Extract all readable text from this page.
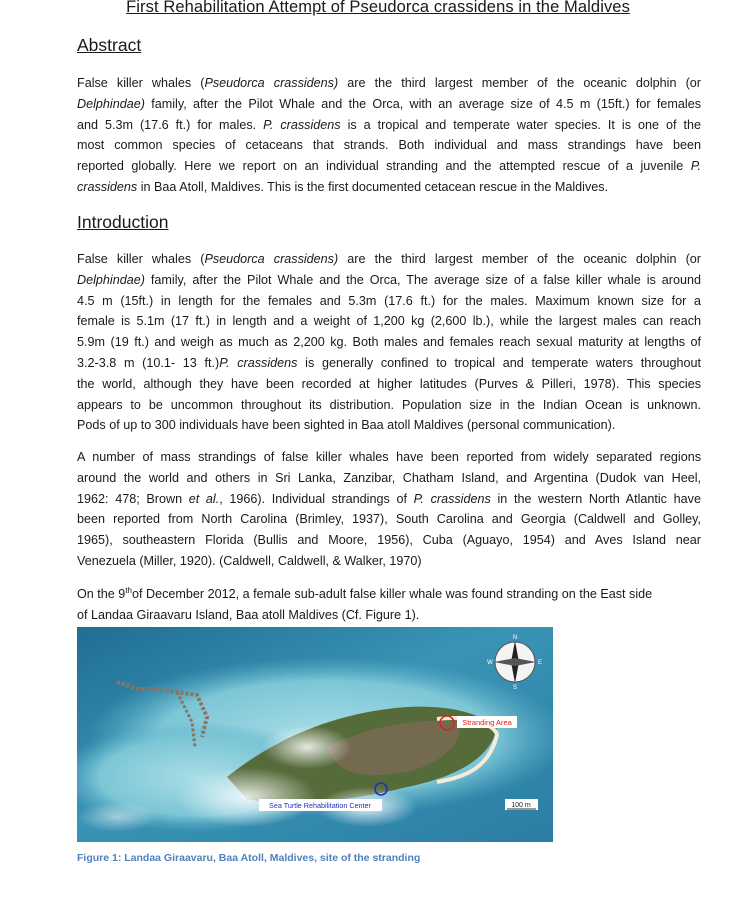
First Rehabilitation Attempt of Pseudorca crassidens in the Maldives
Abstract
False killer whales (Pseudorca crassidens) are the third largest member of the oceanic dolphin (or
Delphindae) family, after the Pilot Whale and the Orca, with an average size of 4.5 m (15ft.) for females
and 5.3m (17.6 ft.) for males. P. crassidens is a tropical and temperate water species. It is one of the
most common species of cetaceans that strands. Both individual and mass strandings have been
reported globally. Here we report on an individual stranding and the attempted rescue of a juvenile P.
crassidens in Baa Atoll, Maldives. This is the first documented cetacean rescue in the Maldives.
Introduction
False killer whales (Pseudorca crassidens) are the third largest member of the oceanic dolphin (or
Delphindae) family, after the Pilot Whale and the Orca, The average size of a false killer whale is around
4.5 m (15ft.) in length for the females and 5.3m (17.6 ft.) for the males. Maximum known size for a
female is 5.1m (17 ft.) in length and a weight of 1,200 kg (2,600 lb.), while the largest males can reach
5.9m (19 ft.) and weigh as much as 2,200 kg. Both males and females reach sexual maturity at lengths of
3.2-3.8 m (10.1- 13 ft.)P. crassidens is generally confined to tropical and temperate waters throughout
the world, although they have been recorded at higher latitudes (Purves & Pilleri, 1978). This species
appears to be uncommon throughout its distribution. Population size in the Indian Ocean is unknown.
Pods of up to 300 individuals have been sighted in Baa atoll Maldives (personal communication).
A number of mass strandings of false killer whales have been reported from widely separated regions
around the world and others in Sri Lanka, Zanzibar, Chatham Island, and Argentina (Dudok van Heel,
1962: 478; Brown et al., 1966). Individual strandings of P. crassidens in the western North Atlantic have
been reported from North Carolina (Brimley, 1937), South Carolina and Georgia (Caldwell and Golley,
1965), southeastern Florida (Bullis and Moore, 1956), Cuba (Aguayo, 1954) and Aves Island near
Venezuela (Miller, 1920). (Caldwell, Caldwell, & Walker, 1970)
On the 9thof December 2012, a female sub-adult false killer whale was found stranding on the East side
of Landaa Giraavaru Island, Baa atoll Maldives (Cf. Figure 1).
N
E
W
S
Stranding Area
Sea Turtle Rehabilitation Center	100 m
Figure 1: Landaa Giraavaru, Baa Atoll, Maldives, site of the stranding
